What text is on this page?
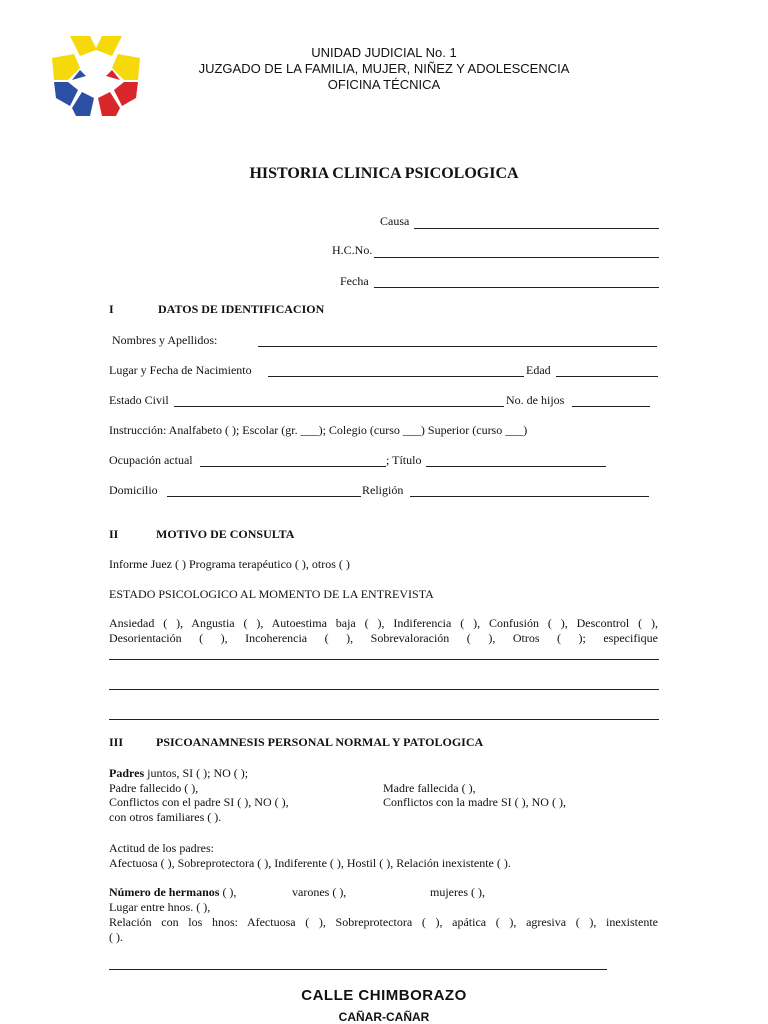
UNIDAD JUDICIAL No. 1
JUZGADO DE LA FAMILIA, MUJER, NIÑEZ Y ADOLESCENCIA
OFICINA TÉCNICA
HISTORIA CLINICA PSICOLOGICA
Causa
H.C.No.
Fecha
I	DATOS DE IDENTIFICACION
Nombres y Apellidos:
Lugar y Fecha de Nacimiento	Edad
Estado Civil	No. de hijos
Instrucción: Analfabeto ( ); Escolar (gr. ___); Colegio (curso ___) Superior (curso ___)
Ocupación actual	; Título
Domicilio	Religión
II	MOTIVO DE CONSULTA
Informe Juez ( ) Programa terapéutico ( ), otros ( )
ESTADO PSICOLOGICO AL MOMENTO DE LA ENTREVISTA
Ansiedad ( ), Angustia ( ), Autoestima baja ( ), Indiferencia ( ), Confusión ( ), Descontrol ( ),
Desorientación ( ), Incoherencia ( ), Sobrevaloración ( ), Otros ( ); especifique
III	PSICOANAMNESIS PERSONAL NORMAL Y PATOLOGICA
Padres juntos, SI ( ); NO ( );
Padre fallecido ( ),	Madre fallecida ( ),
Conflictos con el padre SI ( ), NO ( ),	Conflictos con la madre SI ( ), NO ( ),
con otros familiares ( ).
Actitud de los padres:
Afectuosa ( ), Sobreprotectora ( ), Indiferente ( ), Hostil ( ), Relación inexistente ( ).
Número de hermanos ( ),	varones ( ),	mujeres ( ),
Lugar entre hnos. ( ),
Relación con los hnos: Afectuosa ( ), Sobreprotectora ( ), apática ( ), agresiva ( ), inexistente
( ).
CALLE CHIMBORAZO
CAÑAR-CAÑAR
